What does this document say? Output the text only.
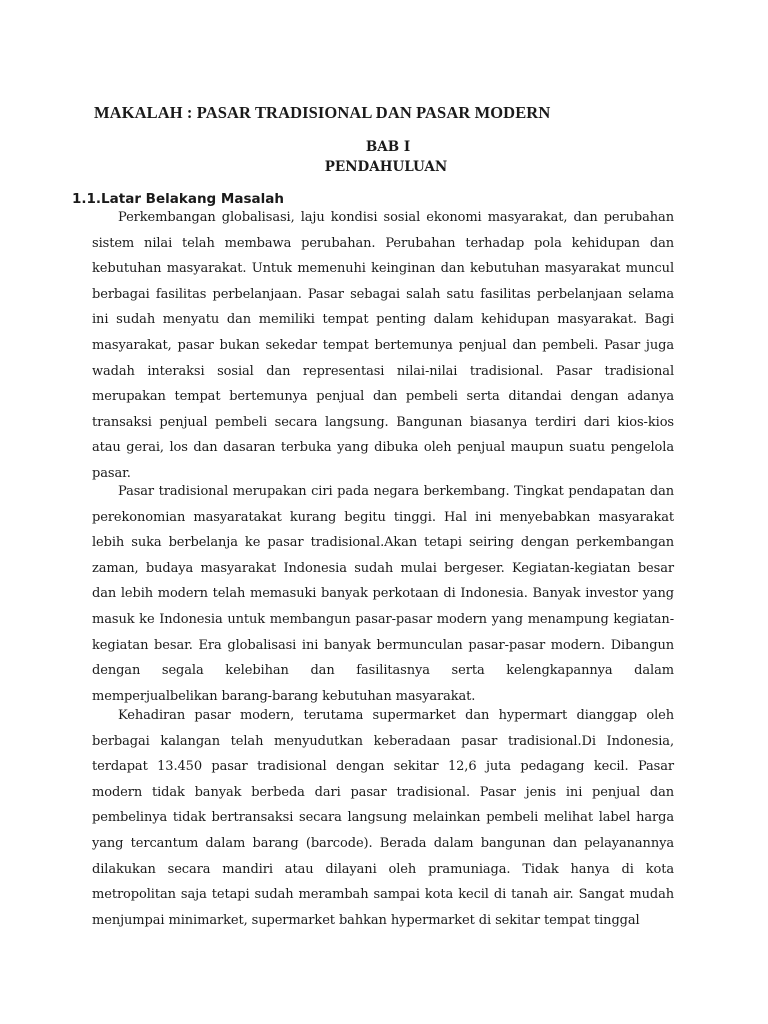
MAKALAH : PASAR TRADISIONAL DAN PASAR MODERN
BAB I
PENDAHULUAN
1.1.Latar Belakang Masalah

Perkembangan globalisasi, laju kondisi sosial ekonomi masyarakat, dan perubahan sistem nilai telah membawa perubahan. Perubahan terhadap pola kehidupan dan kebutuhan masyarakat. Untuk memenuhi keinginan dan kebutuhan masyarakat muncul berbagai fasilitas perbelanjaan. Pasar sebagai salah satu fasilitas perbelanjaan selama ini sudah menyatu dan memiliki tempat penting dalam kehidupan masyarakat. Bagi masyarakat, pasar bukan sekedar tempat bertemunya penjual dan pembeli. Pasar juga wadah interaksi sosial dan representasi nilai-nilai tradisional. Pasar tradisional merupakan tempat bertemunya penjual dan pembeli serta ditandai dengan adanya transaksi penjual pembeli secara langsung. Bangunan biasanya terdiri dari kios-kios atau gerai, los dan dasaran terbuka yang dibuka oleh penjual maupun suatu pengelola pasar.

Pasar tradisional merupakan ciri pada negara berkembang. Tingkat pendapatan dan perekonomian masyaratakat kurang begitu tinggi. Hal ini menyebabkan masyarakat lebih suka berbelanja ke pasar tradisional.Akan tetapi seiring dengan perkembangan zaman, budaya masyarakat Indonesia sudah mulai bergeser. Kegiatan-kegiatan besar dan lebih modern telah memasuki banyak perkotaan di Indonesia. Banyak investor yang masuk ke Indonesia untuk membangun pasar-pasar modern yang menampung kegiatan-kegiatan besar. Era globalisasi ini banyak bermunculan pasar-pasar modern. Dibangun dengan segala kelebihan dan fasilitasnya serta kelengkapannya dalam memperjualbelikan barang-barang kebutuhan masyarakat.

Kehadiran pasar modern, terutama supermarket dan hypermart dianggap oleh berbagai kalangan telah menyudutkan keberadaan pasar tradisional.Di Indonesia, terdapat 13.450 pasar tradisional dengan sekitar 12,6 juta pedagang kecil. Pasar modern tidak banyak berbeda dari pasar tradisional. Pasar jenis ini penjual dan pembelinya tidak bertransaksi secara langsung melainkan pembeli melihat label harga yang tercantum dalam barang (barcode). Berada dalam bangunan dan pelayanannya dilakukan secara mandiri atau dilayani oleh pramuniaga. Tidak hanya di kota metropolitan saja tetapi sudah merambah sampai kota kecil di tanah air. Sangat mudah menjumpai minimarket, supermarket bahkan hypermarket di sekitar tempat tinggal
